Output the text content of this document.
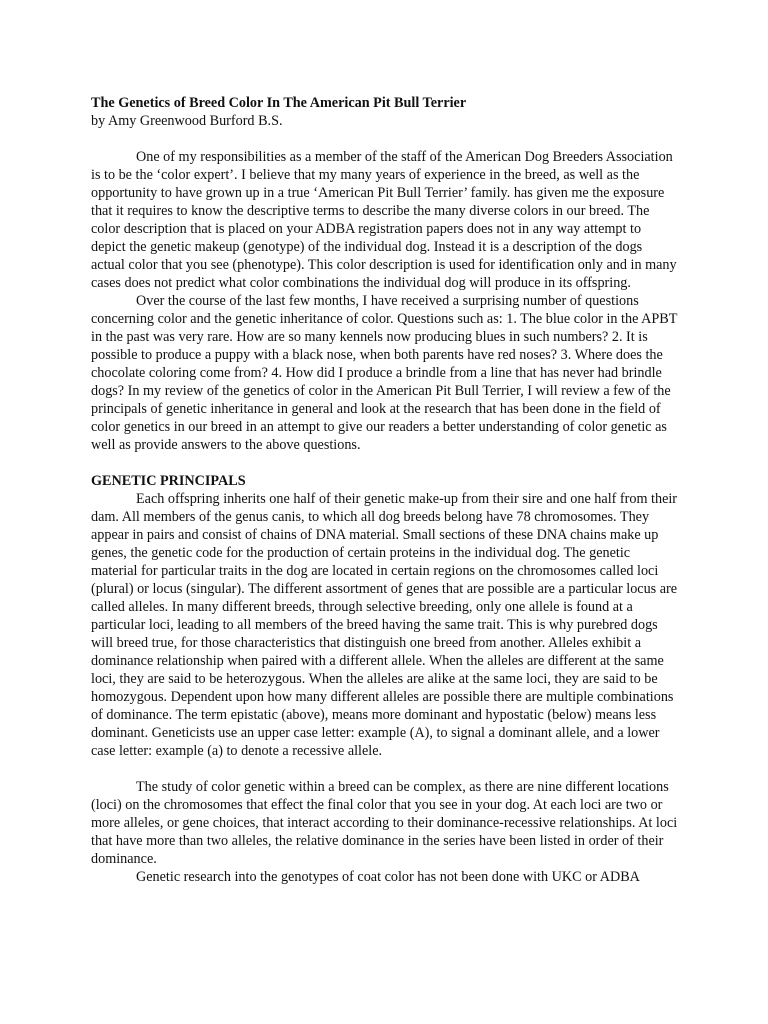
The Genetics of Breed Color In The American Pit Bull Terrier

by Amy Greenwood Burford B.S.

One of my responsibilities as a member of the staff of the American Dog Breeders Association is to be the ‘color expert’. I believe that my many years of experience in the breed, as well as the opportunity to have grown up in a true ‘American Pit Bull Terrier’ family. has given me the exposure that it requires to know the descriptive terms to describe the many diverse colors in our breed. The color description that is placed on your ADBA registration papers does not in any way attempt to depict the genetic makeup (genotype) of the individual dog. Instead it is a description of the dogs actual color that you see (phenotype). This color description is used for identification only and in many cases does not predict what color combinations the individual dog will produce in its offspring.

Over the course of the last few months, I have received a surprising number of questions concerning color and the genetic inheritance of color. Questions such as: 1. The blue color in the APBT in the past was very rare. How are so many kennels now producing blues in such numbers? 2. It is possible to produce a puppy with a black nose, when both parents have red noses? 3. Where does the chocolate coloring come from? 4. How did I produce a brindle from a line that has never had brindle dogs? In my review of the genetics of color in the American Pit Bull Terrier, I will review a few of the principals of genetic inheritance in general and look at the research that has been done in the field of color genetics in our breed in an attempt to give our readers a better understanding of color genetic as well as provide answers to the above questions.

GENETIC PRINCIPALS

Each offspring inherits one half of their genetic make-up from their sire and one half from their dam. All members of the genus canis, to which all dog breeds belong have 78 chromosomes. They appear in pairs and consist of chains of DNA material. Small sections of these DNA chains make up genes, the genetic code for the production of certain proteins in the individual dog. The genetic material for particular traits in the dog are located in certain regions on the chromosomes called loci (plural) or locus (singular). The different assortment of genes that are possible are a particular locus are called alleles. In many different breeds, through selective breeding, only one allele is found at a particular loci, leading to all members of the breed having the same trait. This is why purebred dogs will breed true, for those characteristics that distinguish one breed from another. Alleles exhibit a dominance relationship when paired with a different allele. When the alleles are different at the same loci, they are said to be heterozygous. When the alleles are alike at the same loci, they are said to be homozygous. Dependent upon how many different alleles are possible there are multiple combinations of dominance. The term epistatic (above), means more dominant and hypostatic (below) means less dominant. Geneticists use an upper case letter: example (A), to signal a dominant allele, and a lower case letter: example (a) to denote a recessive allele.

The study of color genetic within a breed can be complex, as there are nine different locations (loci) on the chromosomes that effect the final color that you see in your dog. At each loci are two or more alleles, or gene choices, that interact according to their dominance-recessive relationships. At loci that have more than two alleles, the relative dominance in the series have been listed in order of their dominance.

Genetic research into the genotypes of coat color has not been done with UKC or ADBA
